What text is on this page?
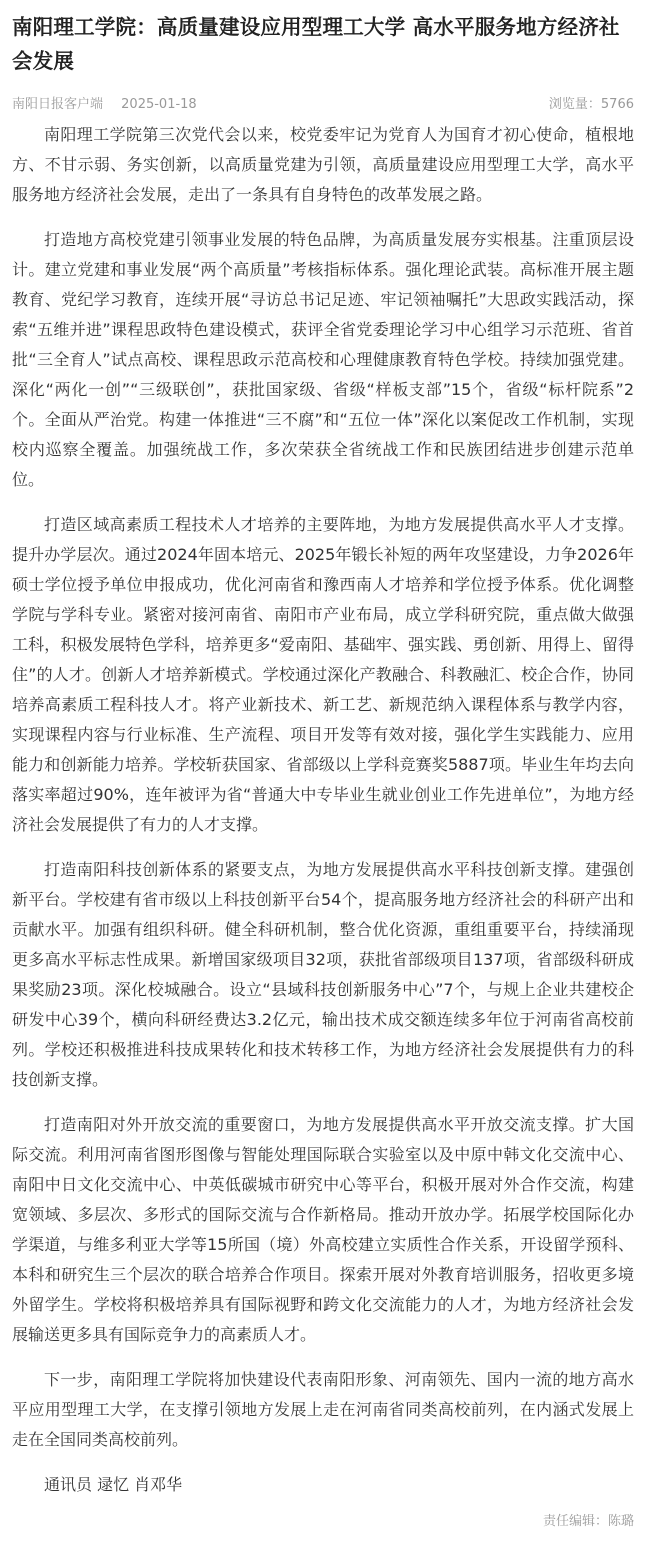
南阳理工学院：高质量建设应用型理工大学 高水平服务地方经济社会发展
南阳日报客户端 2025-01-18	浏览量：5766

南阳理工学院第三次党代会以来，校党委牢记为党育人为国育才初心使命，植根地方、不甘示弱、务实创新，以高质量党建为引领，高质量建设应用型理工大学，高水平服务地方经济社会发展，走出了一条具有自身特色的改革发展之路。

打造地方高校党建引领事业发展的特色品牌，为高质量发展夯实根基。注重顶层设计。建立党建和事业发展“两个高质量”考核指标体系。强化理论武装。高标准开展主题教育、党纪学习教育，连续开展“寻访总书记足迹、牢记领袖嘱托”大思政实践活动，探索“五维并进”课程思政特色建设模式，获评全省党委理论学习中心组学习示范班、省首批“三全育人”试点高校、课程思政示范高校和心理健康教育特色学校。持续加强党建。深化“两化一创”“三级联创”，获批国家级、省级“样板支部”15个，省级“标杆院系”2个。全面从严治党。构建一体推进“三不腐”和“五位一体”深化以案促改工作机制，实现校内巡察全覆盖。加强统战工作，多次荣获全省统战工作和民族团结进步创建示范单位。

打造区域高素质工程技术人才培养的主要阵地，为地方发展提供高水平人才支撑。提升办学层次。通过2024年固本培元、2025年锻长补短的两年攻坚建设，力争2026年硕士学位授予单位申报成功，优化河南省和豫西南人才培养和学位授予体系。优化调整学院与学科专业。紧密对接河南省、南阳市产业布局，成立学科研究院，重点做大做强工科，积极发展特色学科，培养更多“爱南阳、基础牢、强实践、勇创新、用得上、留得住”的人才。创新人才培养新模式。学校通过深化产教融合、科教融汇、校企合作，协同培养高素质工程科技人才。将产业新技术、新工艺、新规范纳入课程体系与教学内容，实现课程内容与行业标准、生产流程、项目开发等有效对接，强化学生实践能力、应用能力和创新能力培养。学校斩获国家、省部级以上学科竞赛奖5887项。毕业生年均去向落实率超过90%，连年被评为省“普通大中专毕业生就业创业工作先进单位”，为地方经济社会发展提供了有力的人才支撑。

打造南阳科技创新体系的紧要支点，为地方发展提供高水平科技创新支撑。建强创新平台。学校建有省市级以上科技创新平台54个，提高服务地方经济社会的科研产出和贡献水平。加强有组织科研。健全科研机制，整合优化资源，重组重要平台，持续涌现更多高水平标志性成果。新增国家级项目32项，获批省部级项目137项，省部级科研成果奖励23项。深化校城融合。设立“县域科技创新服务中心”7个，与规上企业共建校企研发中心39个，横向科研经费达3.2亿元，输出技术成交额连续多年位于河南省高校前列。学校还积极推进科技成果转化和技术转移工作，为地方经济社会发展提供有力的科技创新支撑。

打造南阳对外开放交流的重要窗口，为地方发展提供高水平开放交流支撑。扩大国际交流。利用河南省图形图像与智能处理国际联合实验室以及中原中韩文化交流中心、南阳中日文化交流中心、中英低碳城市研究中心等平台，积极开展对外合作交流，构建宽领域、多层次、多形式的国际交流与合作新格局。推动开放办学。拓展学校国际化办学渠道，与维多利亚大学等15所国（境）外高校建立实质性合作关系，开设留学预科、本科和研究生三个层次的联合培养合作项目。探索开展对外教育培训服务，招收更多境外留学生。学校将积极培养具有国际视野和跨文化交流能力的人才，为地方经济社会发展输送更多具有国际竞争力的高素质人才。

下一步，南阳理工学院将加快建设代表南阳形象、河南领先、国内一流的地方高水平应用型理工大学，在支撑引领地方发展上走在河南省同类高校前列，在内涵式发展上走在全国同类高校前列。

通讯员 逯忆 肖邓华

责任编辑：陈璐
